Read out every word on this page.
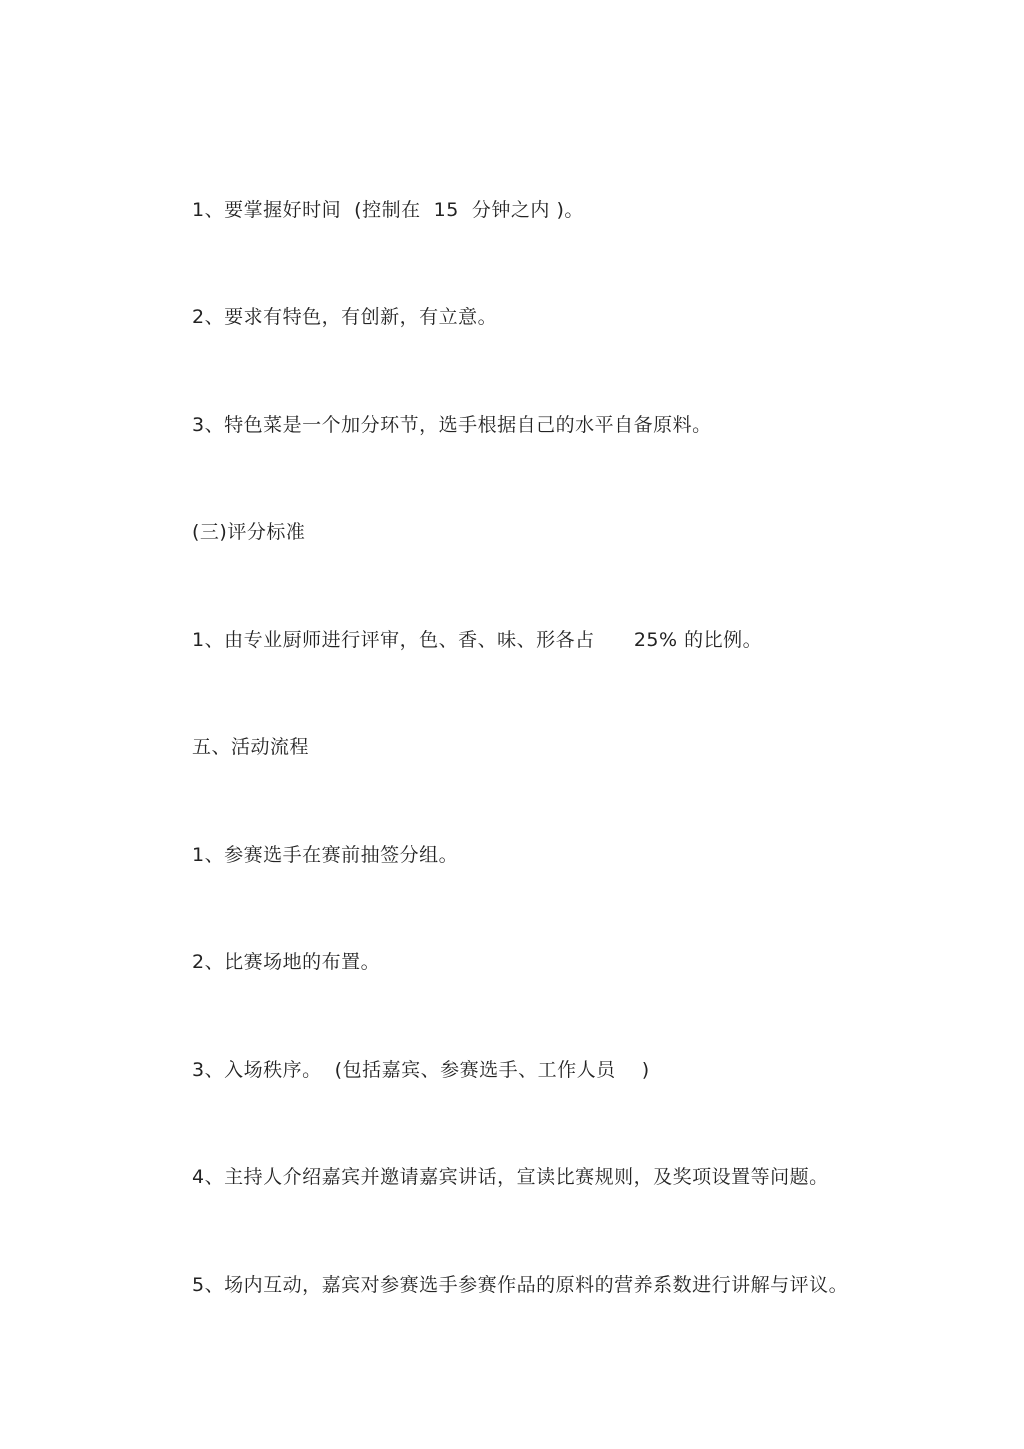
1、要掌握好时间  (控制在  15  分钟之内 )。
2、要求有特色，有创新，有立意。
3、特色菜是一个加分环节，选手根据自己的水平自备原料。
(三)评分标准
1、由专业厨师进行评审，色、香、味、形各占      25% 的比例。
五、活动流程
1、参赛选手在赛前抽签分组。
2、比赛场地的布置。
3、入场秩序。  (包括嘉宾、参赛选手、工作人员    )
4、主持人介绍嘉宾并邀请嘉宾讲话，宣读比赛规则，及奖项设置等问题。
5、场内互动，嘉宾对参赛选手参赛作品的原料的营养系数进行讲解与评议。
